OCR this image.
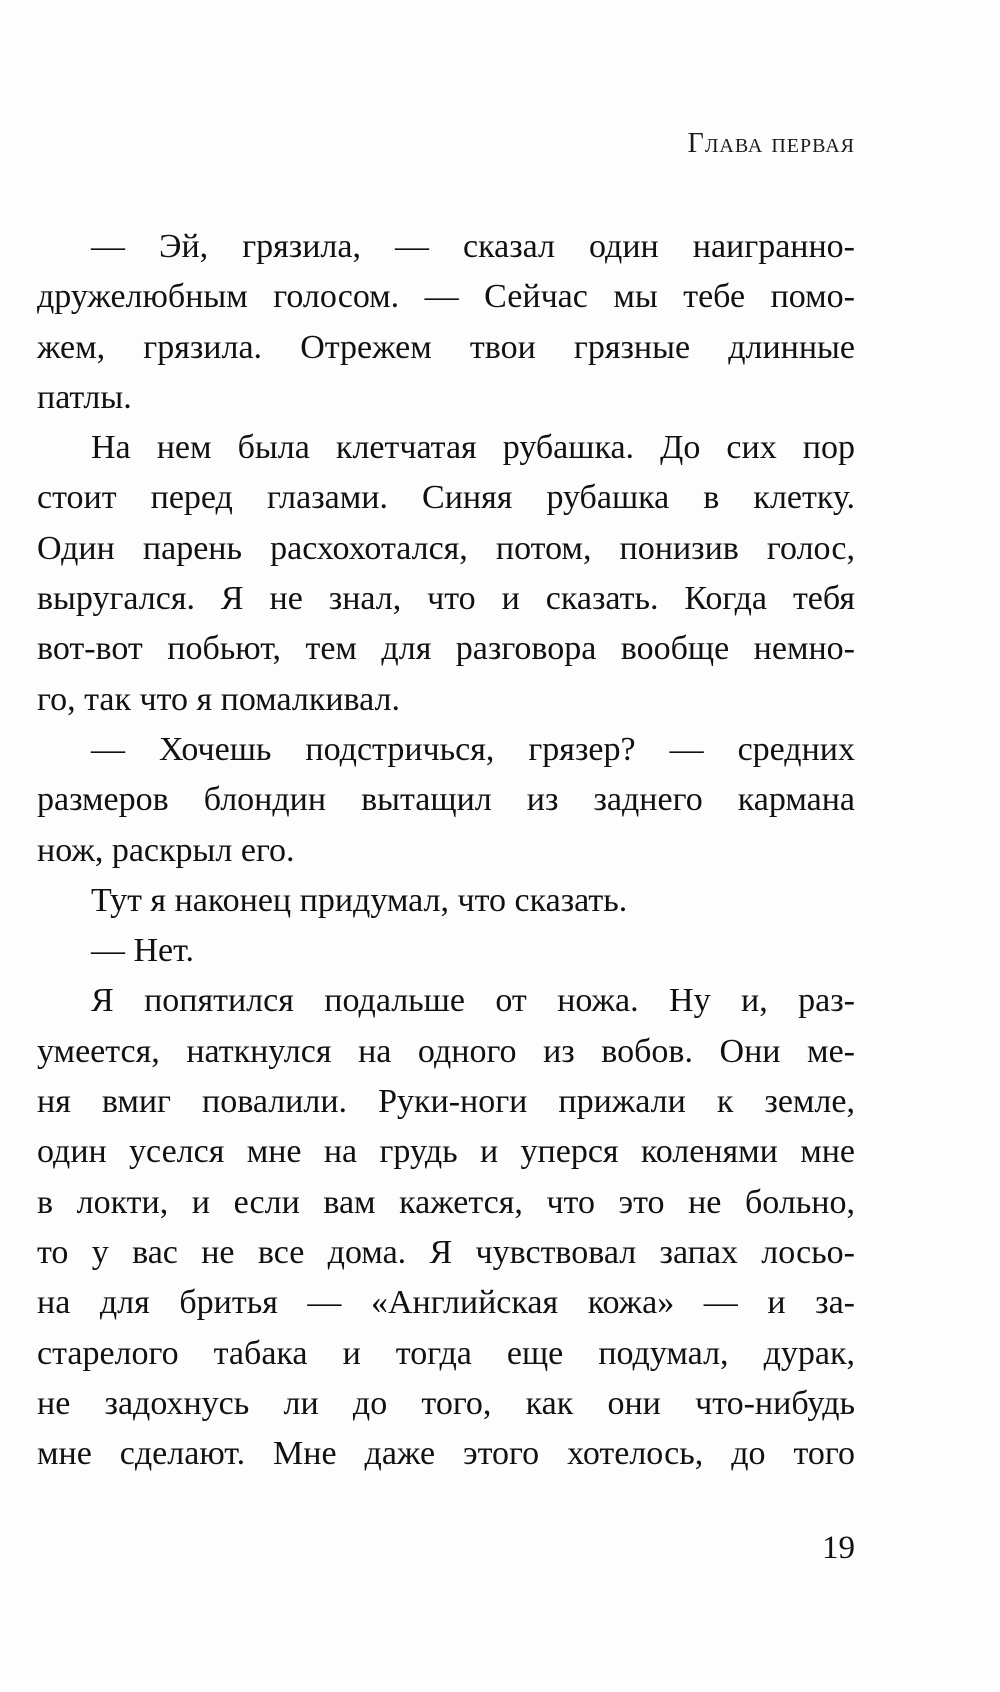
Глава первая
— Эй, грязила, — сказал один наигранно-
дружелюбным голосом. — Сейчас мы тебе помо-
жем, грязила. Отрежем твои грязные длинные
патлы.
На нем была клетчатая рубашка. До сих пор
стоит перед глазами. Синяя рубашка в клетку.
Один парень расхохотался, потом, понизив голос,
выругался. Я не знал, что и сказать. Когда тебя
вот-вот побьют, тем для разговора вообще немно-
го, так что я помалкивал.
— Хочешь подстричься, грязер? — средних
размеров блондин вытащил из заднего кармана
нож, раскрыл его.
Тут я наконец придумал, что сказать.
— Нет.
Я попятился подальше от ножа. Ну и, раз-
умеется, наткнулся на одного из вобов. Они ме-
ня вмиг повалили. Руки-ноги прижали к земле,
один уселся мне на грудь и уперся коленями мне
в локти, и если вам кажется, что это не больно,
то у вас не все дома. Я чувствовал запах лосьо-
на для бритья — «Английская кожа» — и за-
старелого табака и тогда еще подумал, дурак,
не задохнусь ли до того, как они что-нибудь
мне сделают. Мне даже этого хотелось, до того
19
